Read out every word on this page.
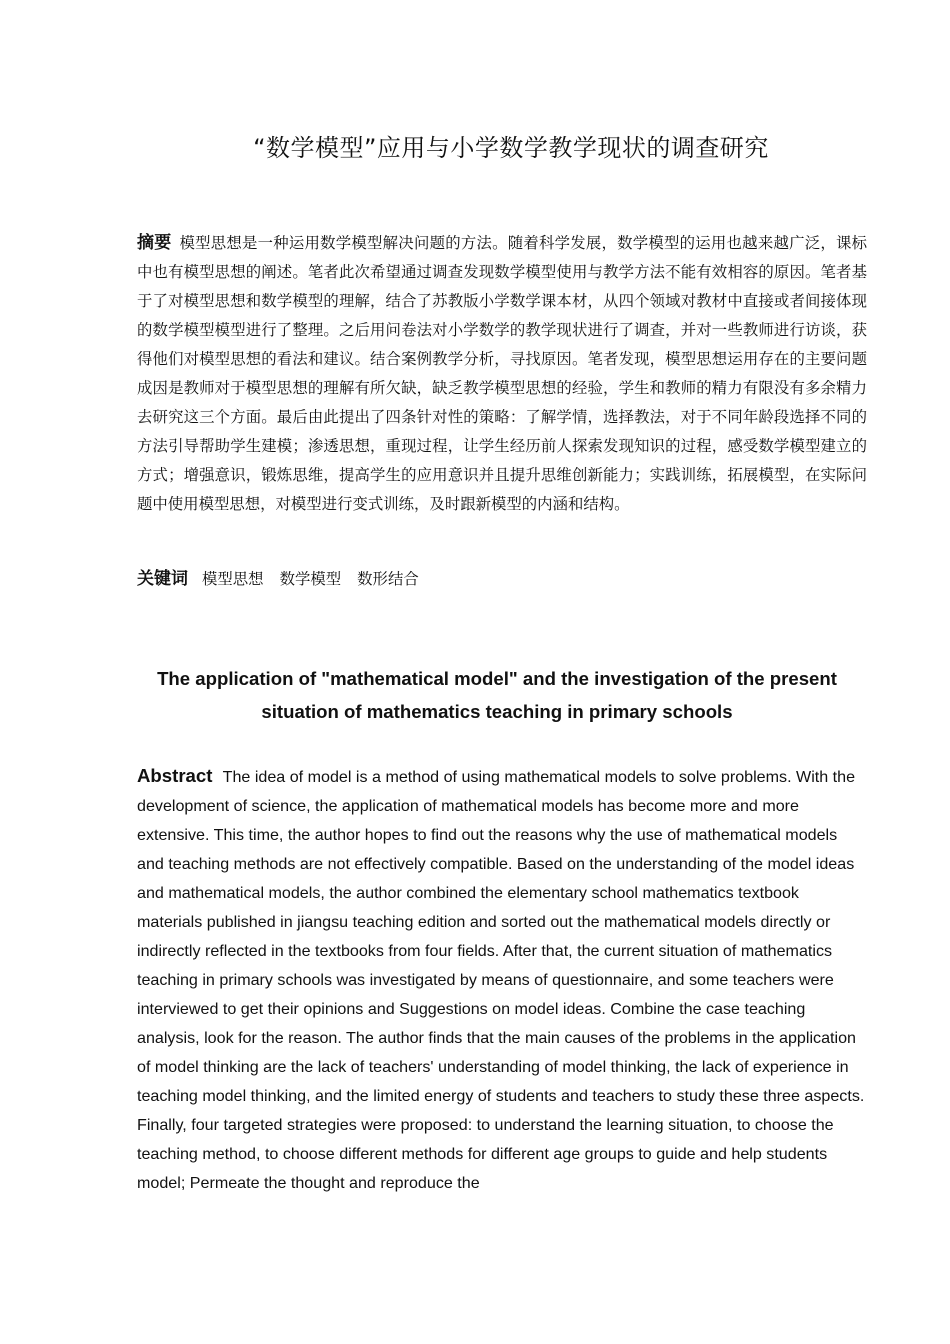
“数学模型”应用与小学数学教学现状的调查研究

摘要 模型思想是一种运用数学模型解决问题的方法。随着科学发展，数学模型的运用也越来越广泛，课标中也有模型思想的阐述。笔者此次希望通过调查发现数学模型使用与教学方法不能有效相容的原因。笔者基于了对模型思想和数学模型的理解，结合了苏教版小学数学课本材，从四个领域对教材中直接或者间接体现的数学模型模型进行了整理。之后用问卷法对小学数学的教学现状进行了调查，并对一些教师进行访谈，获得他们对模型思想的看法和建议。结合案例教学分析，寻找原因。笔者发现，模型思想运用存在的主要问题成因是教师对于模型思想的理解有所欠缺，缺乏教学模型思想的经验，学生和教师的精力有限没有多余精力去研究这三个方面。最后由此提出了四条针对性的策略：了解学情，选择教法，对于不同年龄段选择不同的方法引导帮助学生建模；渗透思想，重现过程，让学生经历前人探索发现知识的过程，感受数学模型建立的方式；增强意识，锻炼思维，提高学生的应用意识并且提升思维创新能力；实践训练，拓展模型，在实际问题中使用模型思想，对模型进行变式训练，及时跟新模型的内涵和结构。

关键词 模型思想 数学模型 数形结合

The application of "mathematical model" and the investigation of the present situation of mathematics teaching in primary schools

Abstract The idea of model is a method of using mathematical models to solve problems. With the development of science, the application of mathematical models has become more and more extensive. This time, the author hopes to find out the reasons why the use of mathematical models and teaching methods are not effectively compatible. Based on the understanding of the model ideas and mathematical models, the author combined the elementary school mathematics textbook materials published in jiangsu teaching edition and sorted out the mathematical models directly or indirectly reflected in the textbooks from four fields. After that, the current situation of mathematics teaching in primary schools was investigated by means of questionnaire, and some teachers were interviewed to get their opinions and Suggestions on model ideas. Combine the case teaching analysis, look for the reason. The author finds that the main causes of the problems in the application of model thinking are the lack of teachers' understanding of model thinking, the lack of experience in teaching model thinking, and the limited energy of students and teachers to study these three aspects. Finally, four targeted strategies were proposed: to understand the learning situation, to choose the teaching method, to choose different methods for different age groups to guide and help students model; Permeate the thought and reproduce the
